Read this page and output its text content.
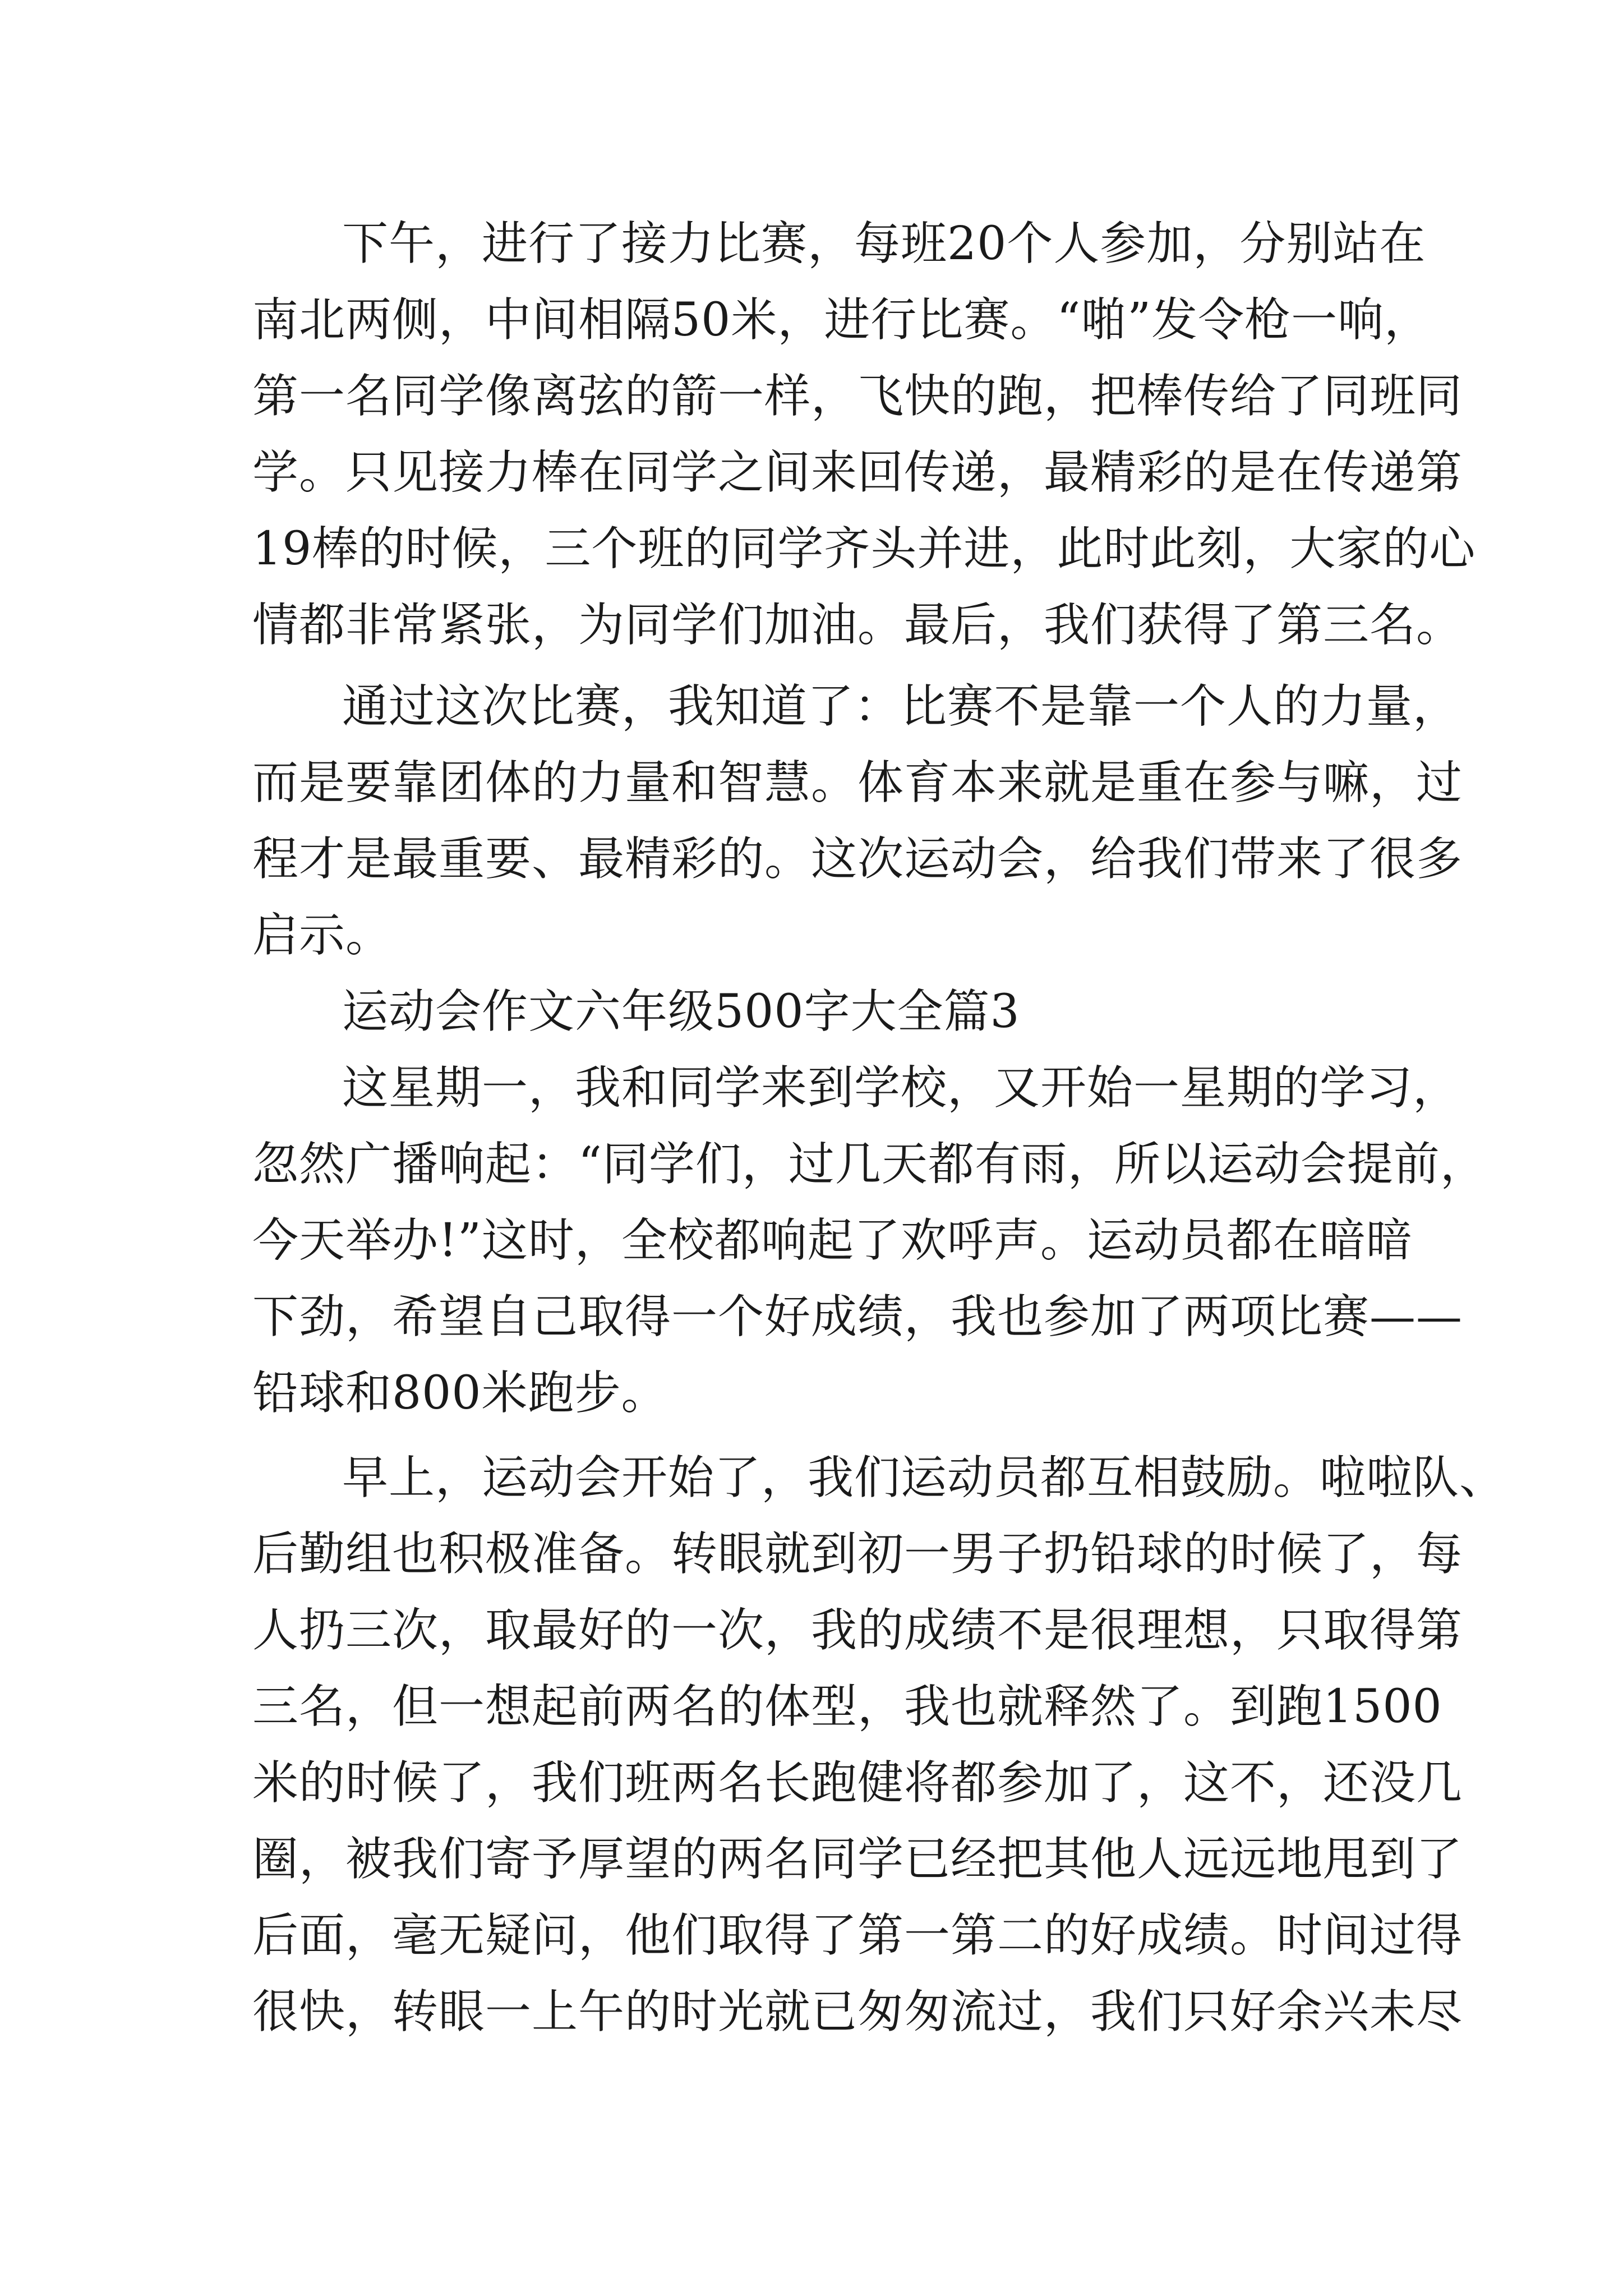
下午，进行了接力比赛，每班20个人参加，分别站在
南北两侧，中间相隔50米，进行比赛。“啪”发令枪一响，
第一名同学像离弦的箭一样，飞快的跑，把棒传给了同班同
学。只见接力棒在同学之间来回传递，最精彩的是在传递第
19棒的时候，三个班的同学齐头并进，此时此刻，大家的心
情都非常紧张，为同学们加油。最后，我们获得了第三名。
通过这次比赛，我知道了：比赛不是靠一个人的力量，
而是要靠团体的力量和智慧。体育本来就是重在参与嘛，过
程才是最重要、最精彩的。这次运动会，给我们带来了很多
启示。
运动会作文六年级500字大全篇3
这星期一，我和同学来到学校，又开始一星期的学习，
忽然广播响起：“同学们，过几天都有雨，所以运动会提前，
今天举办!”这时，全校都响起了欢呼声。运动员都在暗暗
下劲，希望自己取得一个好成绩，我也参加了两项比赛——
铅球和800米跑步。
早上，运动会开始了，我们运动员都互相鼓励。啦啦队、
后勤组也积极准备。转眼就到初一男子扔铅球的时候了，每
人扔三次，取最好的一次，我的成绩不是很理想，只取得第
三名，但一想起前两名的体型，我也就释然了。到跑1500
米的时候了，我们班两名长跑健将都参加了，这不，还没几
圈，被我们寄予厚望的两名同学已经把其他人远远地甩到了
后面，毫无疑问，他们取得了第一第二的好成绩。时间过得
很快，转眼一上午的时光就已匆匆流过，我们只好余兴未尽
